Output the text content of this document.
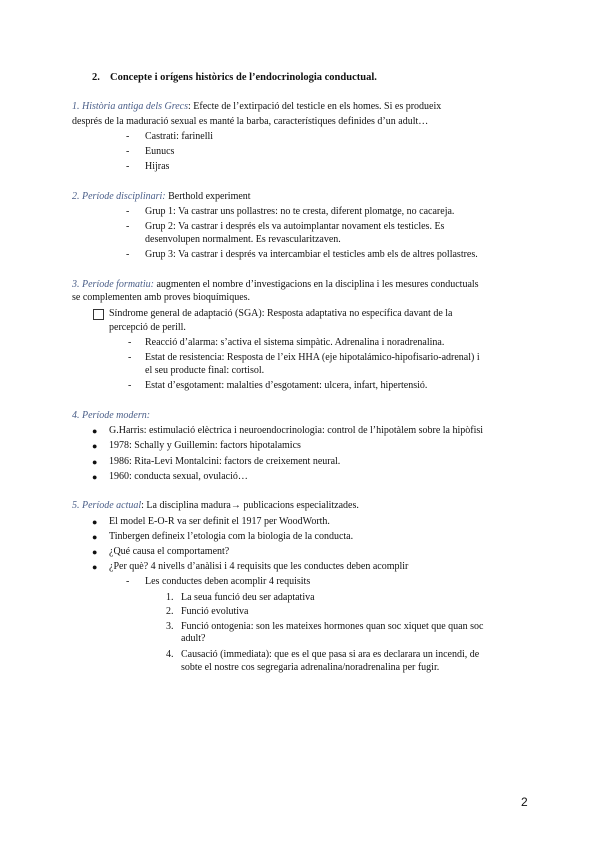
2. Concepte i orígens històrics de l’endocrinologia conductual.
1. Història antiga dels Grecs: Efecte de l’extirpació del testicle en els homes. Si es produeix
després de la maduració sexual es manté la barba, característiques definides d’un adult…
- Castrati: farinelli
- Eunucs
- Hijras
2. Període disciplinari: Berthold experiment
- Grup 1: Va castrar uns pollastres: no te cresta, diferent plomatge, no cacareja.
- Grup 2: Va castrar i després els va autoimplantar novament els testicles. Es
desenvolupen normalment. Es revascularitzaven.
- Grup 3: Va castrar i després va intercambiar el testicles amb els de altres pollastres.
3. Període formatiu: augmenten el nombre d’investigacions en la disciplina i les mesures conductuals
se complementen amb proves bioquímiques.
Síndrome general de adaptació (SGA): Resposta adaptativa no específica davant de la
percepció de perill.
- Reacció d’alarma: s’activa el sistema simpàtic. Adrenalina i noradrenalina.
- Estat de resistencia: Resposta de l’eix HHA (eje hipotalámico-hipofisario-adrenal) i
el seu producte final: cortisol.
- Estat d’esgotament: malalties d’esgotament: ulcera, infart, hipertensió.
4. Període modern:
● G.Harris: estimulació elèctrica i neuroendocrinologia: control de l’hipotàlem sobre la hipòfisi
● 1978: Schally y Guillemin: factors hipotalamics
● 1986: Rita-Levi Montalcini: factors de creixement neural.
● 1960: conducta sexual, ovulació…
5. Període actual: La disciplina madura→ publicacions especialitzades.
● El model E-O-R va ser definit el 1917 per WoodWorth.
● Tinbergen defineix l’etologia com la biologia de la conducta.
● ¿Qué causa el comportament?
● ¿Per què? 4 nivells d’anàlisi i 4 requisits que les conductes deben acomplir
- Les conductes deben acomplir 4 requisits
1. La seua funció deu ser adaptativa
2. Funció evolutiva
3. Funció ontogenia: son les mateixes hormones quan soc xiquet que quan soc
adult?
4. Causació (immediata): que es el que pasa si ara es declarara un incendi, de
sobte el nostre cos segregaria adrenalina/noradrenalina per fugir.
2
